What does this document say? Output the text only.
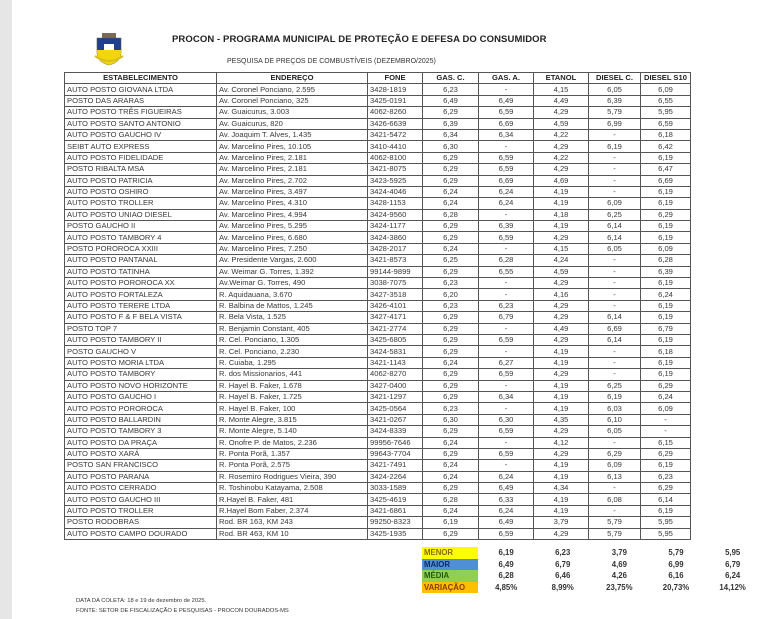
PROCON - PROGRAMA MUNICIPAL DE PROTEÇÃO E DEFESA DO CONSUMIDOR
PESQUISA DE PREÇOS DE COMBUSTÍVEIS (DEZEMBRO/2025)
ESTABELECIMENTO	ENDEREÇO	FONE	GAS. C.	GAS. A.	ETANOL	DIESEL C.	DIESEL S10
AUTO POSTO GIOVANA LTDA	Av. Coronel Ponciano, 2.595	3428-1819	6,23	-	4,15	6,05	6,09
POSTO DAS ARARAS	Av. Coronel Ponciano, 325	3425-0191	6,49	6,49	4,49	6,39	6,55
AUTO POSTO TRÊS FIGUEIRAS	Av. Guaicurus, 3.003	4062-8260	6,29	6,59	4,29	5,79	5,95
AUTO POSTO SANTO ANTONIO	Av. Guaicurus, 820	3426-6639	6,39	6,69	4,59	6,99	6,59
AUTO POSTO GAUCHO IV	Av. Joaquim T. Alves, 1.435	3421-5472	6,34	6,34	4,22	-	6,18
SEIBT AUTO EXPRESS	Av. Marcelino Pires, 10.105	3410-4410	6,30	-	4,29	6,19	6,42
AUTO POSTO FIDELIDADE	Av. Marcelino Pires, 2.181	4062-8100	6,29	6,59	4,22	-	6,19
POSTO RIBALTA MSA	Av. Marcelino Pires, 2.181	3421-8075	6,29	6,59	4,29	-	6,47
AUTO POSTO PATRICIA	Av. Marcelino Pires, 2.702	3423-5925	6,29	6,69	4,69	-	6,69
AUTO POSTO OSHIRO	Av. Marcelino Pires, 3.497	3424-4046	6,24	6,24	4,19	-	6,19
AUTO POSTO TROLLER	Av. Marcelino Pires, 4.310	3428-1153	6,24	6,24	4,19	6,09	6,19
AUTO POSTO UNIAO DIESEL	Av. Marcelino Pires, 4.994	3424-9560	6,28	-	4,18	6,25	6,29
POSTO GAUCHO II	Av. Marcelino Pires, 5.295	3424-1177	6,29	6,39	4,19	6,14	6,19
AUTO POSTO TAMBORY 4	Av. Marcelino Pires, 6.680	3424-3860	6,29	6,59	4,29	6,14	6,19
POSTO POROROCA XXIII	Av. Marcelino Pires, 7.250	3428-2017	6,24	-	4,15	6,05	6,09
AUTO POSTO PANTANAL	Av. Presidente Vargas, 2.600	3421-8573	6,25	6,28	4,24	-	6,28
AUTO POSTO TATINHA	Av. Weimar G. Torres, 1.392	99144-9899	6,29	6,55	4,59	-	6,39
AUTO POSTO POROROCA XX	Av.Weimar G. Torres, 490	3038-7075	6,23	-	4,29	-	6,19
AUTO POSTO FORTALEZA	R. Aquidauana, 3.670	3427-3518	6,20	-	4,16	-	6,24
AUTO POSTO TERERE LTDA	R. Balbina de Mattos, 1.245	3426-4101	6,23	6,23	4,29	-	6,19
AUTO POSTO F & F BELA VISTA	R. Bela Vista, 1.525	3427-4171	6,29	6,79	4,29	6,14	6,19
POSTO TOP 7	R. Benjamin Constant, 405	3421-2774	6,29	-	4,49	6,69	6,79
AUTO POSTO TAMBORY II	R. Cel. Ponciano, 1.305	3425-6805	6,29	6,59	4,29	6,14	6,19
POSTO GAUCHO V	R. Cel. Ponciano, 2.230	3424-5831	6,29	-	4,19	-	6,18
AUTO POSTO MORIA LTDA	R. Cuiaba, 1.295	3421-1143	6,24	6,27	4,19	-	6,19
AUTO POSTO TAMBORY	R. dos Missionarios, 441	4062-8270	6,29	6,59	4,29	-	6,19
AUTO POSTO NOVO HORIZONTE	R. Hayel B. Faker, 1.678	3427-0400	6,29	-	4,19	6,25	6,29
AUTO POSTO GAUCHO I	R. Hayel B. Faker, 1.725	3421-1297	6,29	6,34	4,19	6,19	6,24
AUTO POSTO POROROCA	R. Hayel B. Faker, 100	3425-0564	6,23	-	4,19	6,03	6,09
AUTO POSTO BALLARDIN	R. Monte Alegre, 3.815	3421-0267	6,30	6,30	4,35	6,10	-
AUTO POSTO TAMBORY 3	R. Monte Alegre, 5.140	3424-8339	6,29	6,59	4,29	6,05	-
AUTO POSTO DA PRAÇA	R. Onofre P. de Matos, 2.236	99956-7646	6,24	-	4,12	-	6,15
AUTO POSTO XARÁ	R. Ponta Porã, 1.357	99643-7704	6,29	6,59	4,29	6,29	6,29
POSTO SAN FRANCISCO	R. Ponta Porã, 2.575	3421-7491	6,24	-	4,19	6,09	6,19
AUTO POSTO PARANA	R. Rosemiro Rodrigues Vieira, 390	3424-2264	6,24	6,24	4,19	6,13	6,23
AUTO POSTO CERRADO	R. Toshinobu Katayama, 2.508	3033-1589	6,29	6,49	4,34	-	6,29
AUTO POSTO GAUCHO III	R.Hayel B. Faker, 481	3425-4619	6,28	6,33	4,19	6,08	6,14
AUTO POSTO TROLLER	R.Hayel Bom Faber, 2.374	3421-6861	6,24	6,24	4,19	-	6,19
POSTO RODOBRAS	Rod. BR 163, KM 243	99250-8323	6,19	6,49	3,79	5,79	5,95
AUTO POSTO CAMPO DOURADO	Rod. BR 463, KM 10	3425-1935	6,29	6,59	4,29	5,79	5,95
MENOR	6,19	6,23	3,79	5,79	5,95
MAIOR	6,49	6,79	4,69	6,99	6,79
MÉDIA	6,28	6,46	4,26	6,16	6,24
VARIAÇÃO	4,85%	8,99%	23,75%	20,73%	14,12%
DATA DA COLETA: 18 e 19 de dezembro de 2025.
FONTE: SETOR DE FISCALIZAÇÃO E PESQUISAS - PROCON DOURADOS-MS
